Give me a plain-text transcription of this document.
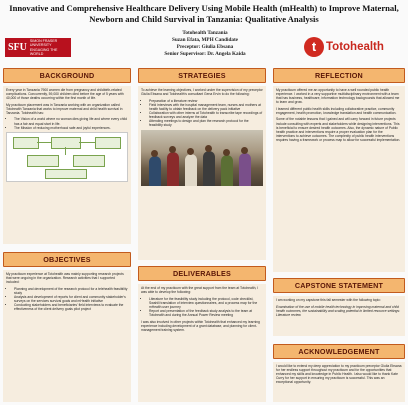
Innovative and Comprehensive Healthcare Delivery Using Mobile Health (mHealth) to Improve Maternal, Newborn and Child Survival in Tanzania: Qualitative Analysis
SFU
SIMON FRASER UNIVERSITY
ENGAGING THE WORLD
Totohealth Tanzania
Suzan Efata, MPH Candidate
Preceptor: Giulia Ebsana
Senior Supervisor: Dr. Angela Kaida	t Totohealth
BACKGROUND

Every year in Tanzania 7900 women die from pregnancy and childbirth-related complications. Concurrently, 59,000 children died before the age of 5 years with 40,000 of those deaths occurring within the first month of life.

My practicum placement was in Tanzania working with an organization called Totohealth Tanzania that works to improve maternal and child health survival in Tanzania. Totohealth has:

• The Vision of a world where no woman dies giving life and where every child has a fair and equal start in life.
• The Mission of reducing motherhood safe and joyful experiences.
OBJECTIVES

My practicum experience at Totohealth was mainly supporting research projects that were ongoing in the organization. Research activities that I supported included:

• Planning and development of the research protocol for a telehealth feasibility study
• Analysis and development of reports for client and community stakeholder's surveys on the services survival goals and mHealth initiative
• Conducting stakeholders and beneficiaries' field interviews to evaluate the effectiveness of the client delivery goals pilot project
STRATEGIES

To achieve the learning objectives, I worked under the supervision of my preceptor Giulia Ebsana and Totohealth's consultant Gena Ervin to do the following:

• Preparation of a literature review
• Field interviews with the hospital management team, nurses and mothers at health facility to obtain feedback on the delivery pack initiative
• Collaboration with other interns at Totohealth to transcribe tape recordings of feedback surveys and analyze the data
• Attending meetings to design and plan the research protocol for the feasibility study
DELIVERABLES

At the end of my practicum with the great support from the team at Totohealth, I was able to develop the following:

• Literature for the feasibility study including the protocol, code checklist, Swahili translation of interview questionnaires, and a process map for the mHealth user journey
• Report and presentation of the feedback study analysis to the team at Totohealth and during the Annual Power Review meeting

I was also involved in other projects within Totohealth that enhanced my learning experience including development of a grant database, and planning for client-management training system.

REFLECTION

My practicum offered me an opportunity to have a well rounded public health experience. I worked in a very supportive multidisciplinary environment with a team that has business, healthcare, information technology backgrounds that allowed me to learn and grow.

I learned different public health skills including collaborative practice, community engagement, health promotion, knowledge translation and health communication.

Some of the notable lessons that I gained and will carry forward in future projects include consulting with experts and stakeholders while designing interventions. This is beneficial to ensure desired health outcomes. Also, the dynamic nature of Public health practice and interventions require a proper evaluation plan for the interventions to achieve outcomes. The complexity of public health interventions requires having a framework or process map to allow for successful implementation.

CAPSTONE STATEMENT

I am working on my capstone this fall semester with the following topic:

Examination of the use of mobile health technology in improving maternal and child health outcomes, the sustainability and scaling potential in limited resource settings: Literature review.

ACKNOWLEDGEMENT

I would like to extend my deep appreciation to my practicum preceptor Giulia Ebsana for her endless support throughout my practicum and for the opportunities that enhanced my skills and knowledge in Public Health. I also would like to thank Kate Curry for her support in ensuring my practicum is successful. This was an exceptional opportunity.
